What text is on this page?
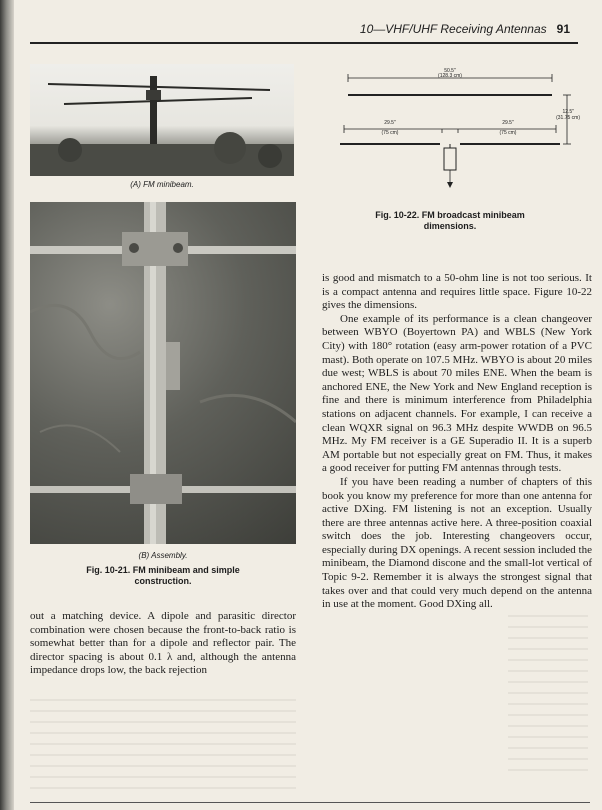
10—VHF/UHF Receiving Antennas 91

(A) FM minibeam.

(B) Assembly.

Fig. 10-21. FM minibeam and simple construction.

50.5"
(128.3 cm)
29.5"
(75 cm)
29.5"
(75 cm)
12.5"
(31.75 cm)

Fig. 10-22. FM broadcast minibeam dimensions.

is good and mismatch to a 50-ohm line is not too serious. It is a compact antenna and requires little space. Figure 10-22 gives the dimensions.

One example of its performance is a clean changeover between WBYO (Boyertown PA) and WBLS (New York City) with 180° rotation (easy arm-power rotation of a PVC mast). Both operate on 107.5 MHz. WBYO is about 20 miles due west; WBLS is about 70 miles ENE. When the beam is anchored ENE, the New York and New England reception is fine and there is minimum interference from Philadelphia stations on adjacent channels. For example, I can receive a clean WQXR signal on 96.3 MHz despite WWDB on 96.5 MHz. My FM receiver is a GE Superadio II. It is a superb AM portable but not especially great on FM. Thus, it makes a good receiver for putting FM antennas through tests.

If you have been reading a number of chapters of this book you know my preference for more than one antenna for active DXing. FM listening is not an exception. Usually there are three antennas active here. A three-position coaxial switch does the job. Interesting changeovers occur, especially during DX openings. A recent session included the minibeam, the Diamond discone and the small-lot vertical of Topic 9-2. Remember it is always the strongest signal that takes over and that could very much depend on the antenna in use at the moment. Good DXing all.

out a matching device. A dipole and parasitic director combination were chosen because the front-to-back ratio is somewhat better than for a dipole and reflector pair. The director spacing is about 0.1 λ and, although the antenna impedance drops low, the back rejection
